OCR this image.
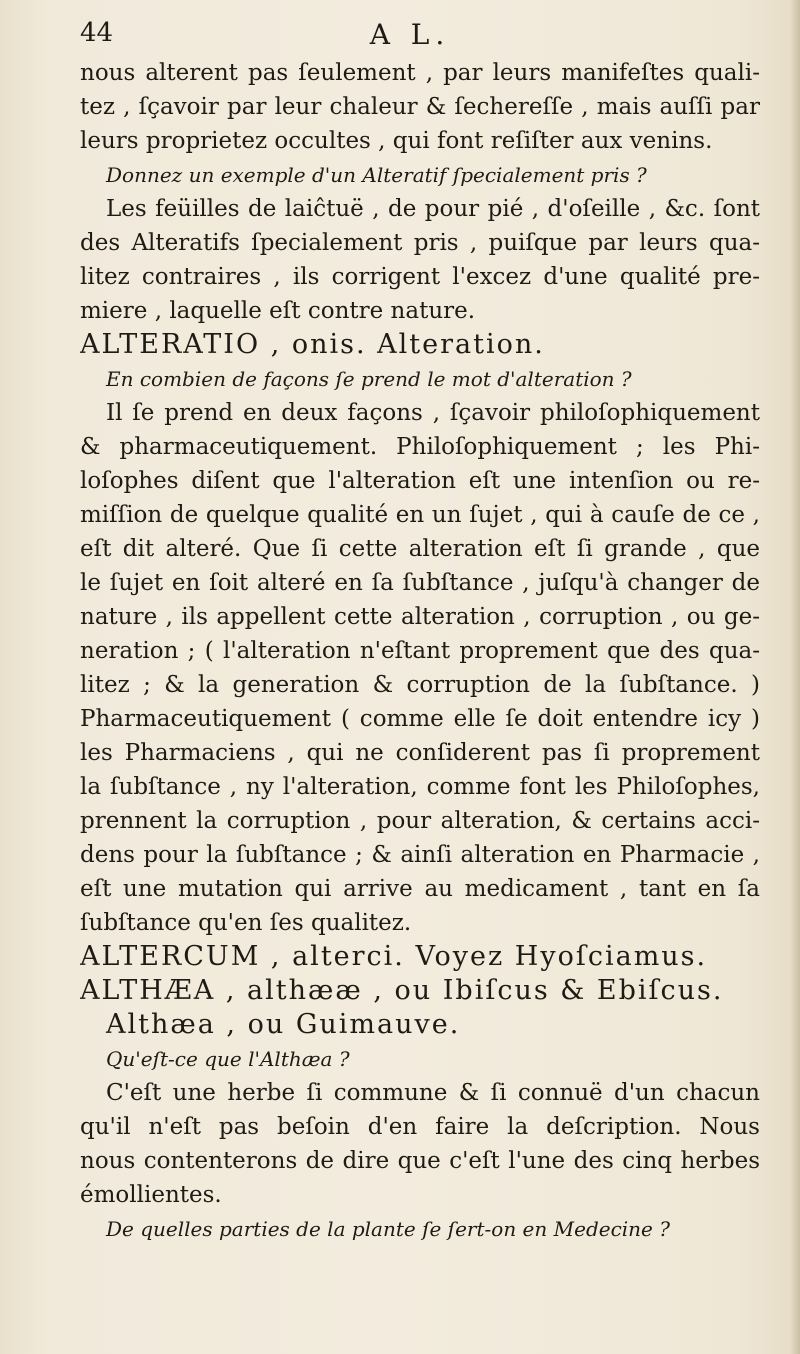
44	A L.
nous alterent pas ſeulement , par leurs manifeſtes quali-
tez , ſçavoir par leur chaleur & ſechereſſe , mais auſſi par
leurs proprietez occultes , qui font reſiſter aux venins.
Donnez un exemple d'un Alteratif ſpecialement pris ?
Les feüilles de laiĉtuë , de pour pié , d'oſeille , &c. ſont
des Alteratifs ſpecialement pris , puiſque par leurs qua-
litez contraires , ils corrigent l'excez d'une qualité pre-
miere , laquelle eſt contre nature.
ALTERATIO , onis. Alteration.
En combien de façons ſe prend le mot d'alteration ?
Il ſe prend en deux façons , ſçavoir philoſophiquement
& pharmaceutiquement. Philoſophiquement ; les Phi-
loſophes diſent que l'alteration eſt une intenſion ou re-
miſſion de quelque qualité en un ſujet , qui à cauſe de ce ,
eſt dit alteré. Que ſi cette alteration eſt ſi grande , que
le ſujet en ſoit alteré en ſa ſubſtance , juſqu'à changer de
nature , ils appellent cette alteration , corruption , ou ge-
neration ; ( l'alteration n'eſtant proprement que des qua-
litez ; & la generation & corruption de la ſubſtance. )
Pharmaceutiquement ( comme elle ſe doit entendre icy )
les Pharmaciens , qui ne conſiderent pas ſi proprement
la ſubſtance , ny l'alteration, comme font les Philoſophes,
prennent la corruption , pour alteration, & certains acci-
dens pour la ſubſtance ; & ainſi alteration en Pharmacie ,
eſt une mutation qui arrive au medicament , tant en ſa
ſubſtance qu'en ſes qualitez.
ALTERCUM , alterci. Voyez Hyoſciamus.
ALTHÆA , althææ , ou Ibiſcus & Ebiſcus.
Althæa , ou Guimauve.
Qu'eſt-ce que l'Althæa ?
C'eſt une herbe ſi commune & ſi connuë d'un chacun
qu'il n'eſt pas beſoin d'en faire la deſcription. Nous
nous contenterons de dire que c'eſt l'une des cinq herbes
émollientes.
De quelles parties de la plante ſe ſert-on en Medecine ?
